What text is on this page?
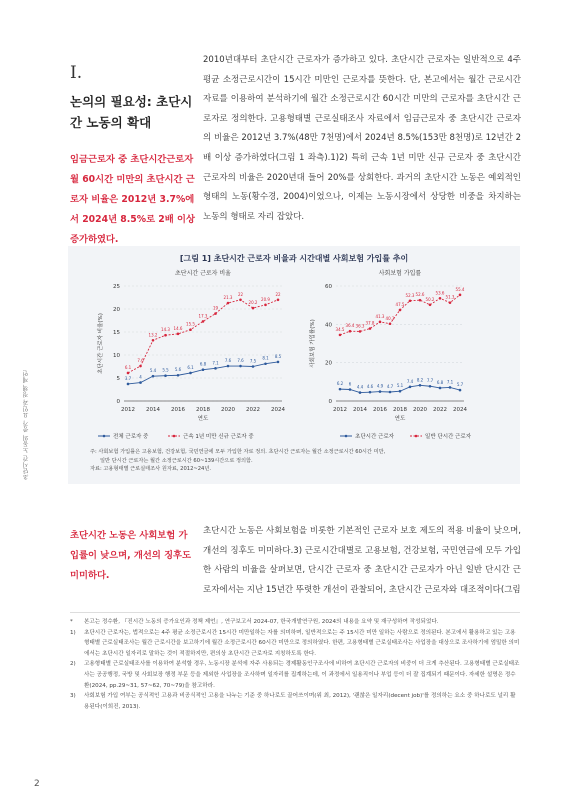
초단시간 노동의 증가 요인과 정책 제언
I.
논의의 필요성: 초단시간 노동의 확대
임금근로자 중 초단시간근로자 월 60시간 미만의 초단시간 근로자 비율은 2012년 3.7%에서 2024년 8.5%로 2배 이상 증가하였다.
2010년대부터 초단시간 근로자가 증가하고 있다. 초단시간 근로자는 일반적으로 4주 평균 소정근로시간이 15시간 미만인 근로자를 뜻한다. 단, 본고에서는 월간 근로시간 자료를 이용하여 분석하기에 월간 소정근로시간 60시간 미만의 근로자를 초단시간 근로자로 정의한다. 고용형태별 근로실태조사 자료에서 임금근로자 중 초단시간 근로자의 비율은 2012년 3.7%(48만 7천명)에서 2024년 8.5%(153만 8천명)로 12년간 2배 이상 증가하였다(그림 1 좌측).1)2) 특히 근속 1년 미만 신규 근로자 중 초단시간 근로자의 비율은 2020년대 들어 20%를 상회한다. 과거의 초단시간 노동은 예외적인 형태의 노동(황수경, 2004)이었으나, 이제는 노동시장에서 상당한 비중을 차지하는 노동의 형태로 자리 잡았다.
[그림 1] 초단시간 근로자 비율과 시간대별 사회보험 가입률 추이
초단시간 근로자 비율
0
5
10
15
20
25
2012 2014 2016 2018 2020 2022 2024
연도
초단시간 근로자 비율(%)
3.7 4
5.4 5.5 5.6 6.1
6.8 7.1 7.6 7.6 7.5
8.1 8.5
6.1
7.6
13.2
14.3 14.6
15.5
17.3
19
21.3
22
20.2
20.9
22
전체 근로자 중	근속 1년 미만 신규 근로자 중
사회보험 가입률
0
20
40
60
2012 2014 2016 2018 2020 2022 2024
연도
사회보험 가입률(%)
6.2 6
4.4 4.6 4.9 4.7 5.1
7.4 8.2 7.7 6.8 7.1
5.7
34.5
36.4 36.3
37.8
41.3 40.3
47.5
52.3 52.6
50.2
53.6
51.3
55.4
초단시간 근로자	일반 단시간 근로자
주: 사회보험 가입률은 고용보험, 건강보험, 국민연금에 모두 가입한 자로 정의. 초단시간 근로자는 월간 소정근로시간 60시간 미만,
일반 단시간 근로자는 월간 소정근로시간 60~139시간으로 정의함.
자료: 고용형태별 근로실태조사 원자료, 2012~24년.
초단시간 노동은 사회보험 가입률이 낮으며, 개선의 징후도 미미하다.
초단시간 노동은 사회보험을 비롯한 기본적인 근로자 보호 제도의 적용 비율이 낮으며, 개선의 징후도 미미하다.3) 근로시간대별로 고용보험, 건강보험, 국민연금에 모두 가입한 사람의 비율을 살펴보면, 단시간 근로자 중 초단시간 근로자가 아닌 일반 단시간 근로자에서는 지난 15년간 뚜렷한 개선이 관찰되어, 초단시간 근로자와 대조적이다(그림
*	본고는 정수환, 『진시간 노동의 증가요인과 정책 제언』, 연구보고서 2024-07, 한국개발연구원, 2024의 내용을 요약 및 재구성하여 작성되었다.
1)	초단시간 근로자는, 법적으로는 4주 평균 소정근로시간 15시간 미만일하는 자를 의미하며, 일반적으로는 주 15시간 미만 일하는 사람으로 정의된다. 본고에서 활용하고 있는 고용형태별 근로실태조사는 월간 근로시간을 보고하기에 월간 소정근로시간 60시간 미만으로 정의하였다. 한편, 고용형태별 근로실태조사는 사업장을 대상으로 조사하기에 엄밀한 의미에서는 초단시간 일자리로 말하는 것이 적절하지만, 편의상 초단시간 근로자로 지칭하도록 한다.
2)	고용형태별 근로실태조사를 이용하여 분석할 경우, 노동시장 분석에 자주 사용되는 경제활동인구조사에 비하여 초단시간 근로자의 비중이 더 크게 추산된다. 고용형태별 근로실태조사는 공공행정, 국방 및 사회보장 행정 부문 등을 제외한 사업장을 조사하며 일자리를 집계하는데, 이 과정에서 일용직이나 부업 등이 더 잘 집계되기 때문이다. 자세한 설명은 정수환(2024, pp.29~31, 57~62, 70~79)을 참고하라.
3)	사회보험 가입 여부는 공식적인 고용과 비공식적인 고용을 나누는 기준 중 하나로도 끌어쓰이며(위 최, 2012), '괜찮은 일자리(decent job)'를 정의하는 요소 중 하나로도 널리 활용된다(이희진, 2013).
2
